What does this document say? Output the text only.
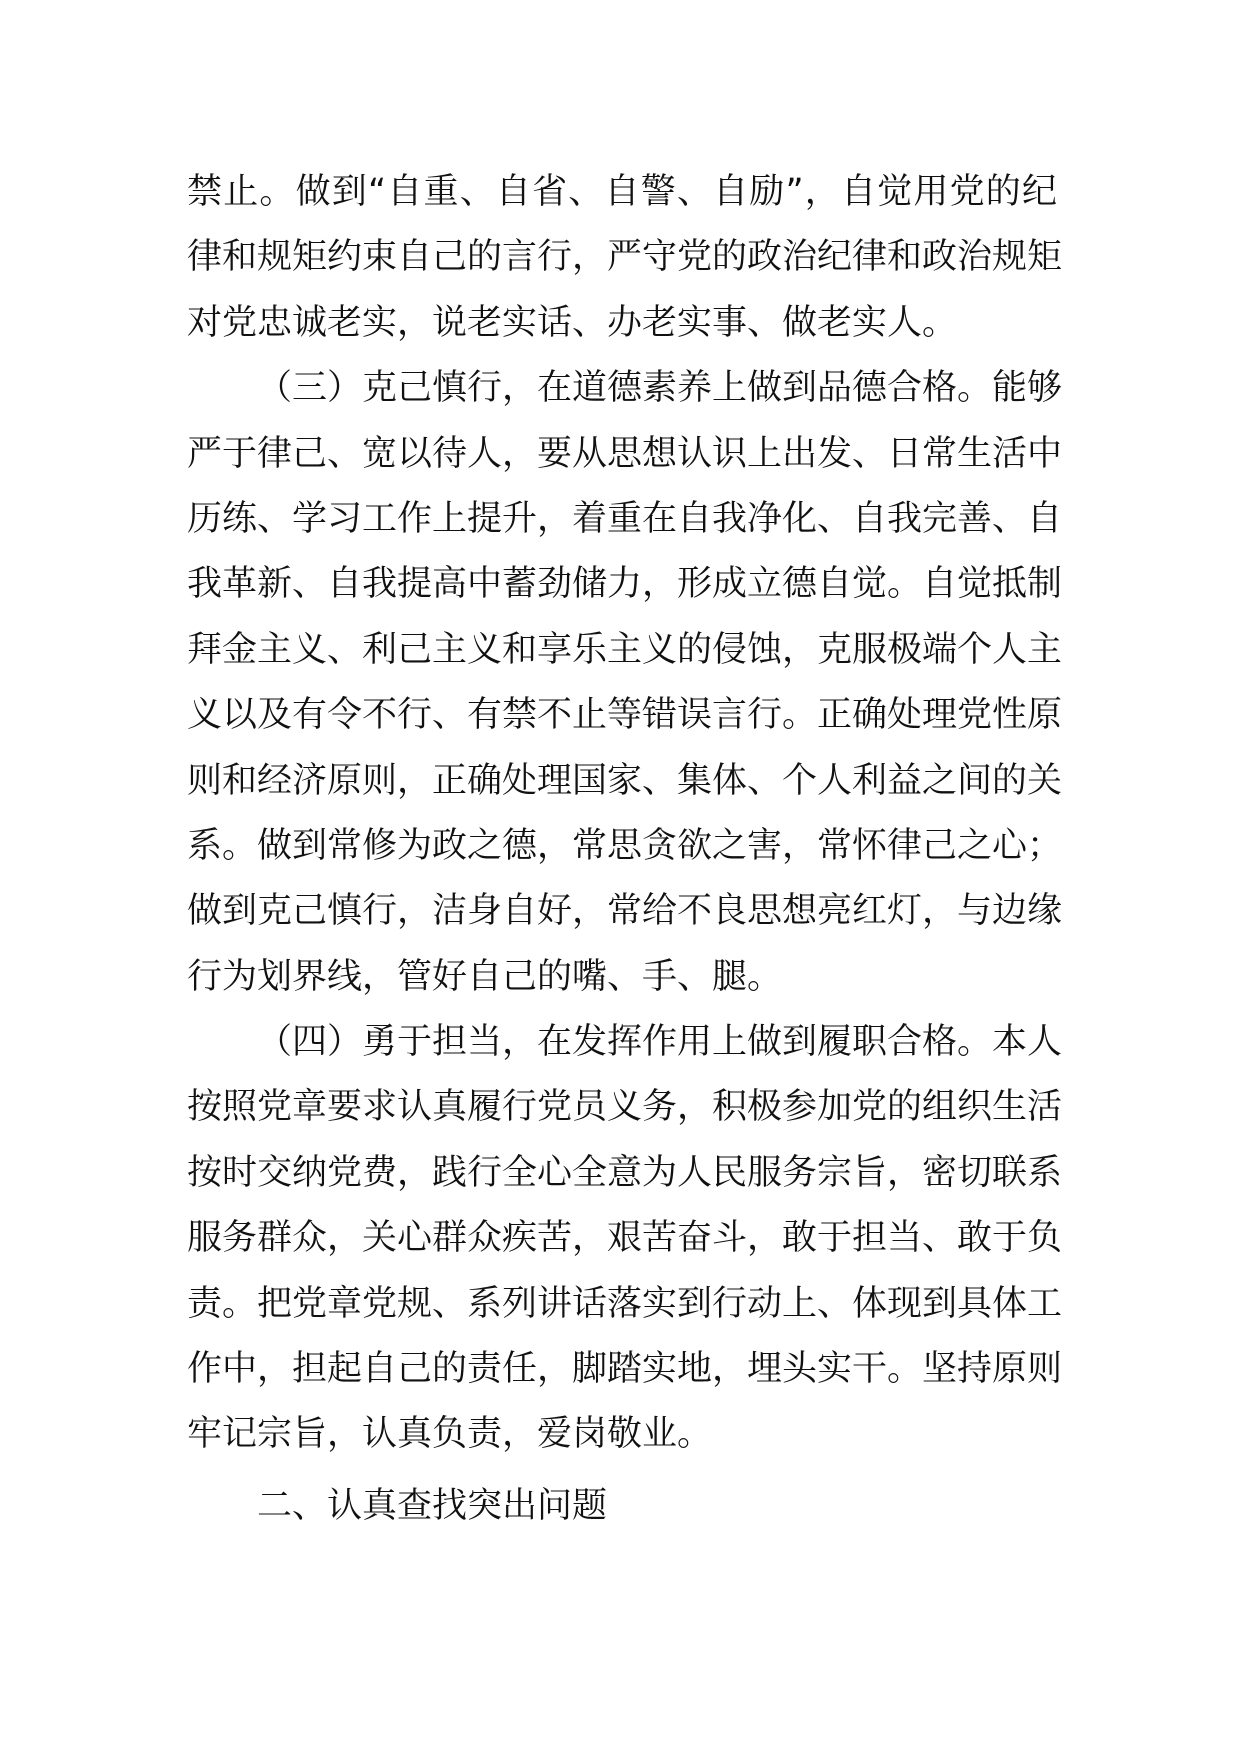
禁止。做到“自重、自省、自警、自励”，自觉用党的纪
律和规矩约束自己的言行，严守党的政治纪律和政治规矩
对党忠诚老实，说老实话、办老实事、做老实人。
（三）克己慎行，在道德素养上做到品德合格。能够
严于律己、宽以待人，要从思想认识上出发、日常生活中
历练、学习工作上提升，着重在自我净化、自我完善、自
我革新、自我提高中蓄劲储力，形成立德自觉。自觉抵制
拜金主义、利己主义和享乐主义的侵蚀，克服极端个人主
义以及有令不行、有禁不止等错误言行。正确处理党性原
则和经济原则，正确处理国家、集体、个人利益之间的关
系。做到常修为政之德，常思贪欲之害，常怀律己之心；
做到克己慎行，洁身自好，常给不良思想亮红灯，与边缘
行为划界线，管好自己的嘴、手、腿。
（四）勇于担当，在发挥作用上做到履职合格。本人
按照党章要求认真履行党员义务，积极参加党的组织生活
按时交纳党费，践行全心全意为人民服务宗旨，密切联系
服务群众，关心群众疾苦，艰苦奋斗，敢于担当、敢于负
责。把党章党规、系列讲话落实到行动上、体现到具体工
作中，担起自己的责任，脚踏实地，埋头实干。坚持原则
牢记宗旨，认真负责，爱岗敬业。
二、认真查找突出问题
